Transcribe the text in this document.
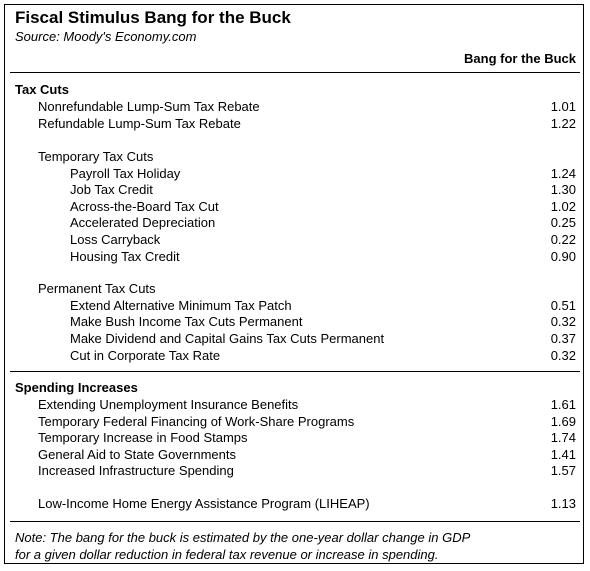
Fiscal Stimulus Bang for the Buck
Source: Moody's Economy.com
Bang for the Buck
Tax Cuts
Nonrefundable Lump-Sum Tax Rebate	1.01
Refundable Lump-Sum Tax Rebate	1.22
Temporary Tax Cuts
Payroll Tax Holiday	1.24
Job Tax Credit	1.30
Across-the-Board Tax Cut	1.02
Accelerated Depreciation	0.25
Loss Carryback	0.22
Housing Tax Credit	0.90
Permanent Tax Cuts
Extend Alternative Minimum Tax Patch	0.51
Make Bush Income Tax Cuts Permanent	0.32
Make Dividend and Capital Gains Tax Cuts Permanent	0.37
Cut in Corporate Tax Rate	0.32
Spending Increases
Extending Unemployment Insurance Benefits	1.61
Temporary Federal Financing of Work-Share Programs	1.69
Temporary Increase in Food Stamps	1.74
General Aid to State Governments	1.41
Increased Infrastructure Spending	1.57
Low-Income Home Energy Assistance Program (LIHEAP)	1.13
Note: The bang for the buck is estimated by the one-year dollar change in GDP
for a given dollar reduction in federal tax revenue or increase in spending.
